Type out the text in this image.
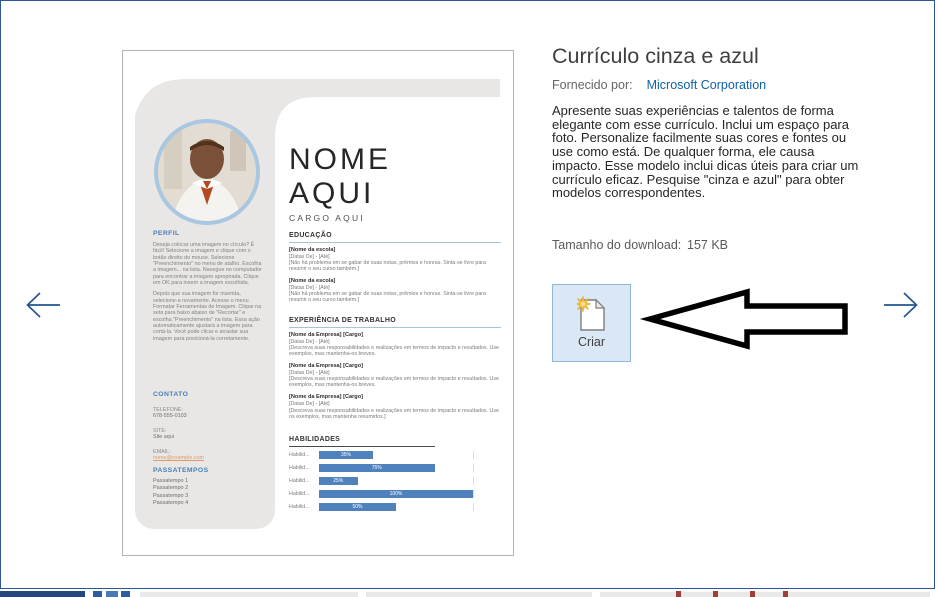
PERFIL
Deseja colocar uma imagem no círculo? É fácil! Selecione a imagem e clique com o botão direito do mouse. Selecione "Preenchimento" no menu de atalho. Escolha a imagem... na lista. Navegue no computador para encontrar a imagem apropriada. Clique em OK para inserir a imagem escolhida.
Depois que sua imagem for inserida, selecione-a novamente. Acesse o menu Formatar Ferramentas de Imagem. Clique na seta para baixo abaixo de "Recortar" e escolha "Preenchimento" na lista. Essa ação automaticamente ajustará a imagem para cortá-la. Você pode clicar e arrastar sua imagem para posicioná-la corretamente.
CONTATO
TELEFONE:
678-555-0103
SITE:
Site aqui
EMAIL:
nome@example.com
PASSATEMPOS
Passatempo 1
Passatempo 2
Passatempo 3
Passatempo 4
NOME
AQUI
CARGO AQUI
EDUCAÇÃO
[Nome da escola]
[Datas De] - [Até]
[Não há problema em se gabar de suas notas, prêmios e honras. Sinta-se livre para resumir o seu curso também.]
[Nome da escola]
[Datas De] - [Até]
[Não há problema em se gabar de suas notas, prêmios e honras. Sinta-se livre para resumir o seu curso também.]
EXPERIÊNCIA DE TRABALHO
[Nome da Empresa] [Cargo]
[Datas De] - [Até]
[Descreva suas responsabilidades e realizações em termos de impacto e resultados. Use exemplos, mas mantenha-os breves.
[Nome da Empresa] [Cargo]
[Datas De] - [Até]
[Descreva suas responsabilidades e realizações em termos de impacto e resultados. Use exemplos, mas mantenha-os breves.
[Nome da Empresa] [Cargo]
[Datas De] - [Até]
[Descreva suas responsabilidades e realizações em termos de impacto e resultados. Use os exemplos, mas mantenha resumidos.]
HABILIDADES
Habilid...	35%
Habilid...	75%
Habilid...	25%
Habilid...	100%
Habilid...	50%
Currículo cinza e azul
Fornecido por: Microsoft Corporation
Apresente suas experiências e talentos de forma
elegante com esse currículo. Inclui um espaço para
foto. Personalize facilmente suas cores e fontes ou
use como está. De qualquer forma, ele causa
impacto. Esse modelo inclui dicas úteis para criar um
currículo eficaz. Pesquise "cinza e azul" para obter
modelos correspondentes.
Tamanho do download: 157 KB
Criar
